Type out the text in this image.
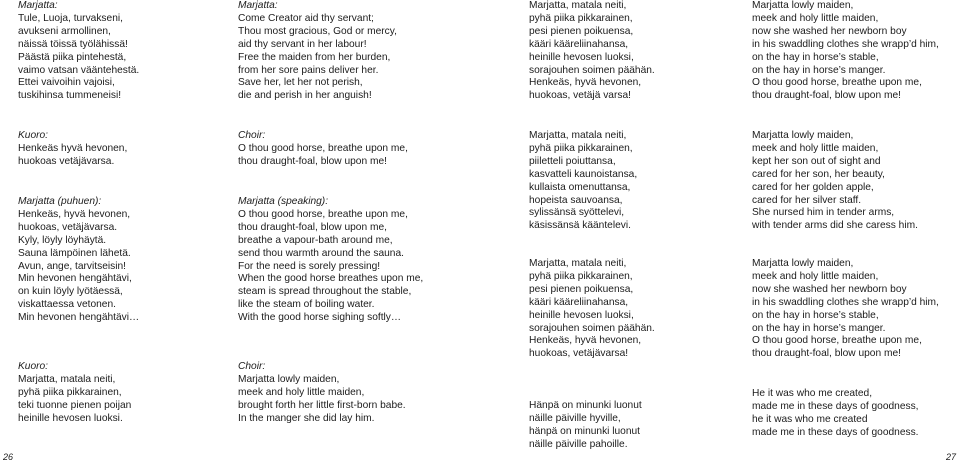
Marjatta:
Tule, Luoja, turvakseni,
avukseni armollinen,
näissä töissä työlähissä!
Päästä piika pintehestä,
vaimo vatsan vääntehestä.
Ettei vaivoihin vajoisi,
tuskihinsa tummeneisi!
Kuoro:
Henkeäs hyvä hevonen,
huokoas vetäjävarsa.
Marjatta (puhuen):
Henkeäs, hyvä hevonen,
huokoas, vetäjävarsa.
Kyly, löyly löyhäytä.
Sauna lämpöinen lähetä.
Avun, ange, tarvitseisin!
Min hevonen hengähtävi,
on kuin löyly lyötäessä,
viskattaessa vetonen.
Min hevonen hengähtävi…
Kuoro:
Marjatta, matala neiti,
pyhä piika pikkarainen,
teki tuonne pienen poijan
heinille hevosen luoksi.
Marjatta:
Come Creator aid thy servant;
Thou most gracious, God or mercy,
aid thy servant in her labour!
Free the maiden from her burden,
from her sore pains deliver her.
Save her, let her not perish,
die and perish in her anguish!
Choir:
O thou good horse, breathe upon me,
thou draught-foal, blow upon me!
Marjatta (speaking):
O thou good horse, breathe upon me,
thou draught-foal, blow upon me,
breathe a vapour-bath around me,
send thou warmth around the sauna.
For the need is sorely pressing!
When the good horse breathes upon me,
steam is spread throughout the stable,
like the steam of boiling water.
With the good horse sighing softly…
Choir:
Marjatta lowly maiden,
meek and holy little maiden,
brought forth her little first-born babe.
In the manger she did lay him.
Marjatta, matala neiti,
pyhä piika pikkarainen,
pesi pienen poikuensa,
kääri kääreliinahansa,
heinille hevosen luoksi,
sorajouhen soimen päähän.
Henkeäs, hyvä hevonen,
huokoas, vetäjä varsa!
Marjatta, matala neiti,
pyhä piika pikkarainen,
piiletteli poiuttansa,
kasvatteli kaunoistansa,
kullaista omenuttansa,
hopeista sauvoansa,
sylissänsä syöttelevi,
käsissänsä kääntelevi.
Marjatta, matala neiti,
pyhä piika pikkarainen,
pesi pienen poikuensa,
kääri kääreliinahansa,
heinille hevosen luoksi,
sorajouhen soimen päähän.
Henkeäs, hyvä hevonen,
huokoas, vetäjävarsa!
Hänpä on minunki luonut
näille päiville hyville,
hänpä on minunki luonut
näille päiville pahoille.
Marjatta lowly maiden,
meek and holy little maiden,
now she washed her newborn boy
in his swaddling clothes she wrapp’d him,
on the hay in horse’s stable,
on the hay in horse’s manger.
O thou good horse, breathe upon me,
thou draught-foal, blow upon me!
Marjatta lowly maiden,
meek and holy little maiden,
kept her son out of sight and
cared for her son, her beauty,
cared for her golden apple,
cared for her silver staff.
She nursed him in tender arms,
with tender arms did she caress him.
Marjatta lowly maiden,
meek and holy little maiden,
now she washed her newborn boy
in his swaddling clothes she wrapp’d him,
on the hay in horse’s stable,
on the hay in horse’s manger.
O thou good horse, breathe upon me,
thou draught-foal, blow upon me!
He it was who me created,
made me in these days of goodness,
he it was who me created
made me in these days of goodness.
26	27
